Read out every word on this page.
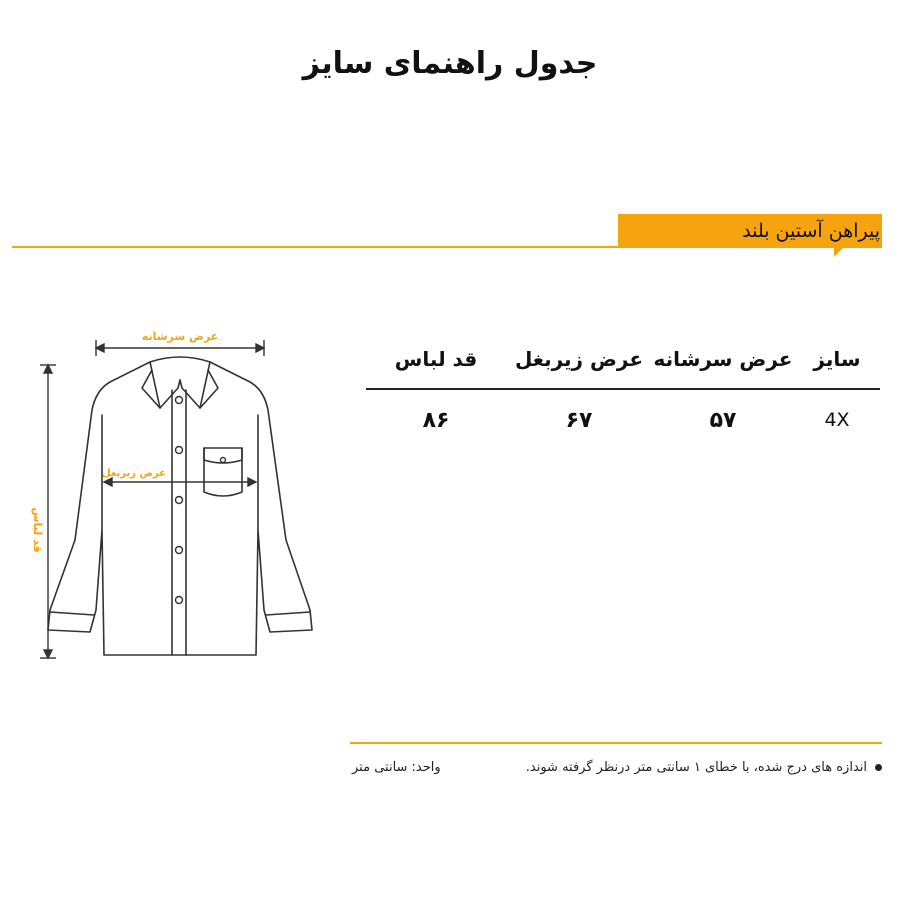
جدول راهنمای سایز
پیراهن آستین بلند
عرض سرشانه
عرض زیربغل
قد لباس
سایز
عرض سرشانه
عرض زیربغل
قد لباس
4X
۵۷
۶۷
۸۶
اندازه های درج شده، با خطای ۱ سانتی متر درنظر گرفته شوند.
واحد: سانتی متر
